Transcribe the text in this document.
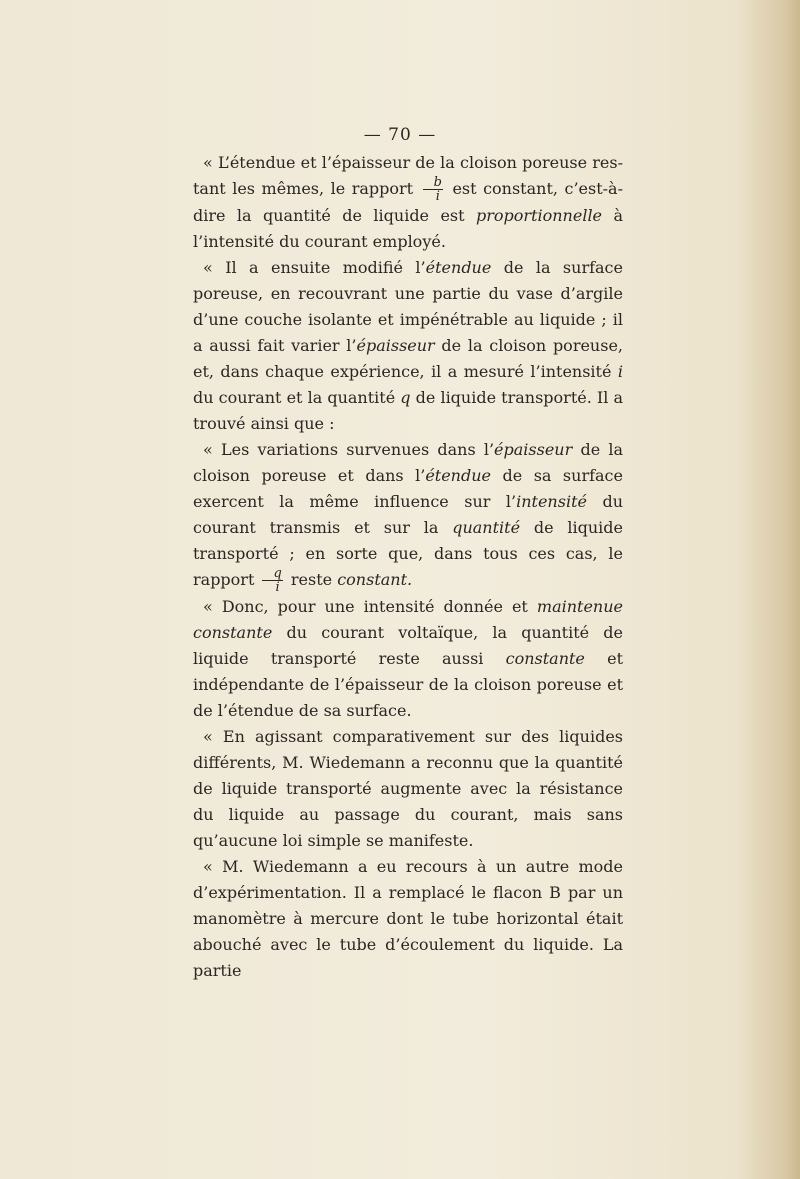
— 70 —

« L’étendue et l’épaisseur de la cloison poreuse restant les mêmes, le rapport $\frac{b}{i}$ est constant, c’est-à-dire la quantité de liquide est proportionnelle à l’intensité du courant employé.

« Il a ensuite modifié l’étendue de la surface poreuse, en recouvrant une partie du vase d’argile d’une couche isolante et impénétrable au liquide ; il a aussi fait varier l’épaisseur de la cloison poreuse, et, dans chaque expérience, il a mesuré l’intensité i du courant et la quantité q de liquide transporté. Il a trouvé ainsi que :

« Les variations survenues dans l’épaisseur de la cloison poreuse et dans l’étendue de sa surface exercent la même influence sur l’intensité du courant transmis et sur la quantité de liquide transporté ; en sorte que, dans tous ces cas, le rapport $\frac{q}{i}$ reste constant.

« Donc, pour une intensité donnée et maintenue constante du courant voltaïque, la quantité de liquide transporté reste aussi constante et indépendante de l’épaisseur de la cloison poreuse et de l’étendue de sa surface.

« En agissant comparativement sur des liquides différents, M. Wiedemann a reconnu que la quantité de liquide transporté augmente avec la résistance du liquide au passage du courant, mais sans qu’aucune loi simple se manifeste.

« M. Wiedemann a eu recours à un autre mode d’expérimentation. Il a remplacé le flacon B par un manomètre à mercure dont le tube horizontal était abouché avec le tube d’écoulement du liquide. La partie
